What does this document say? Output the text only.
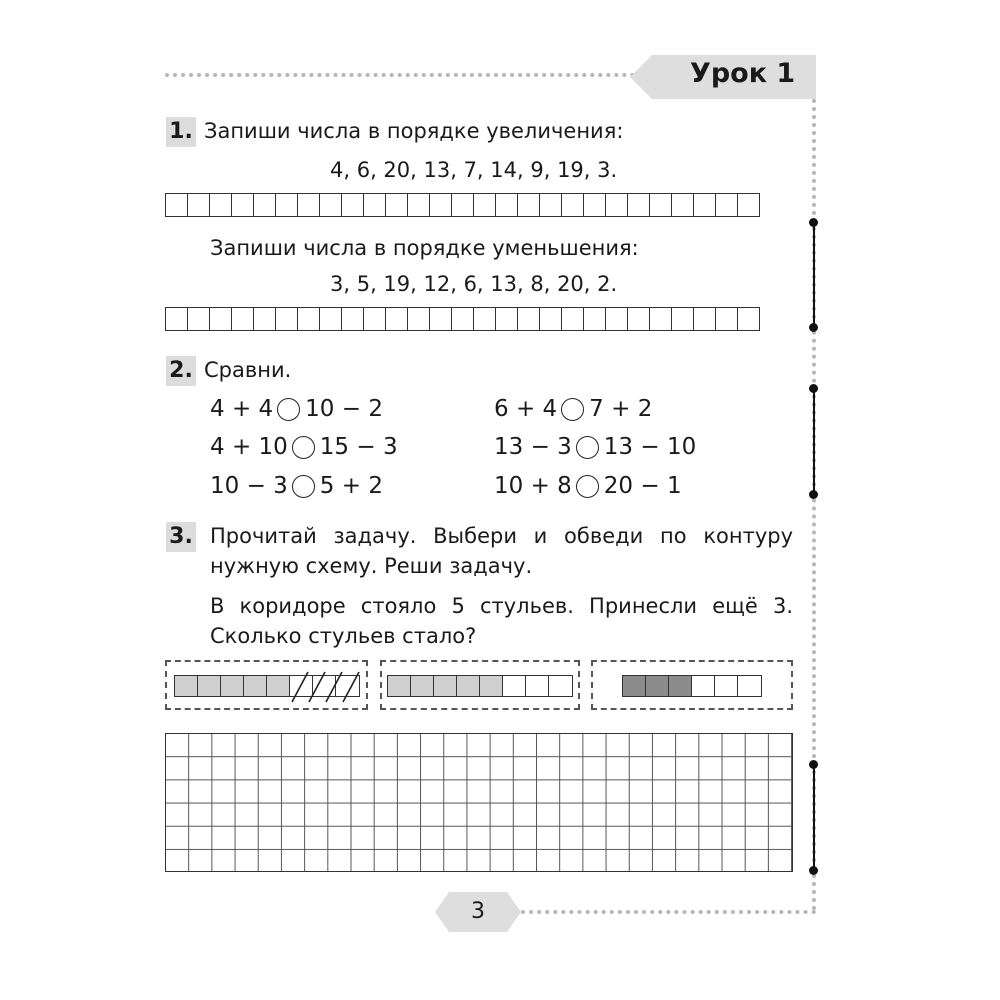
Урок 1
1. Запиши числа в порядке увеличения:
4, 6, 20, 13, 7, 14, 9, 19, 3.
Запиши числа в порядке уменьшения:
3, 5, 19, 12, 6, 13, 8, 20, 2.
2. Сравни.
4 + 4 10 − 2
4 + 10 15 − 3
10 − 3 5 + 2
6 + 4 7 + 2
13 − 3 13 − 10
10 + 8 20 − 1
3. Прочитай задачу. Выбери и обведи по контуру
нужную схему. Реши задачу.
В коридоре стояло 5 стульев. Принесли ещё 3.
Сколько стульев стало?
3
